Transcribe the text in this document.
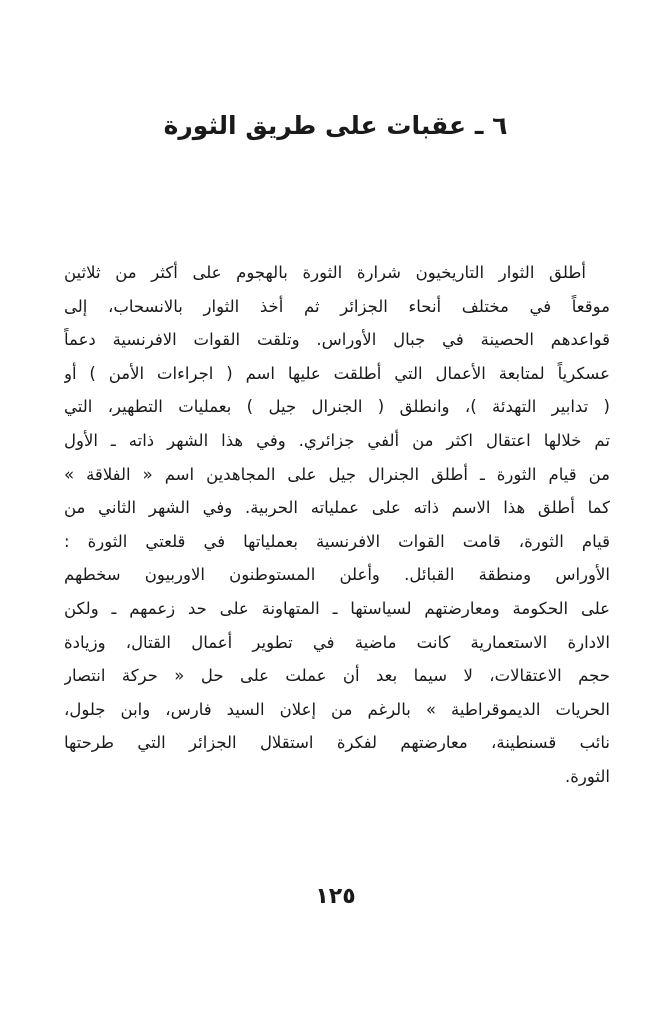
٦ ـ عقبات على طريق الثورة
أطلق الثوار التاريخيون شرارة الثورة بالهجوم على أكثر من ثلاثين
موقعاً في مختلف أنحاء الجزائر ثم أخذ الثوار بالانسحاب، إلى
قواعدهم الحصينة في جبال الأوراس. وتلقت القوات الافرنسية دعماً
عسكرياً لمتابعة الأعمال التي أطلقت عليها اسم ( اجراءات الأمن ) أو
( تدابير التهدئة )، وانطلق ( الجنرال جيل ) بعمليات التطهير، التي
تم خلالها اعتقال اكثر من ألفي جزائري. وفي هذا الشهر ذاته ـ الأول
من قيام الثورة ـ أطلق الجنرال جيل على المجاهدين اسم « الفلاقة »
كما أطلق هذا الاسم ذاته على عملياته الحربية. وفي الشهر الثاني من
قيام الثورة، قامت القوات الافرنسية بعملياتها في قلعتي الثورة :
الأوراس ومنطقة القبائل. وأعلن المستوطنون الاوربيون سخطهم
على الحكومة ومعارضتهم لسياستها ـ المتهاونة على حد زعمهم ـ ولكن
الادارة الاستعمارية كانت ماضية في تطوير أعمال القتال، وزيادة
حجم الاعتقالات، لا سيما بعد أن عملت على حل « حركة انتصار
الحريات الديموقراطية » بالرغم من إعلان السيد فارس، وابن جلول،
نائب قسنطينة، معارضتهم لفكرة استقلال الجزائر التي طرحتها
الثورة.
١٢٥
